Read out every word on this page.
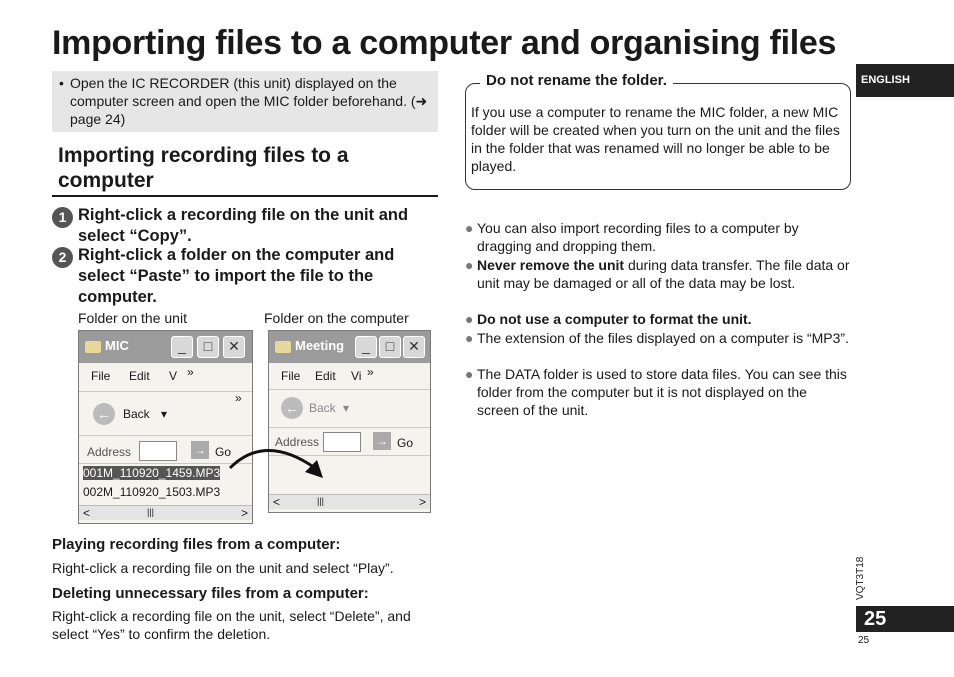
Importing files to a computer and organising files
• Open the IC RECORDER (this unit) displayed on the computer screen and open the MIC folder beforehand. (➜ page 24)
Importing recording files to a computer
1 Right-click a recording file on the unit and select “Copy”.
2 Right-click a folder on the computer and select “Paste” to import the file to the computer.
Folder on the unit	Folder on the computer
MIC	_	□	✕
File Edit V »
←	Back ▾
»
Address	→ Go
001M_110920_1459.MP3
002M_110920_1503.MP3
<	|||	>
Meeting	_	□ ✕
File Edit Vi »
← Back ▾
Address	→ Go
<	|||	>
Playing recording files from a computer:
Right-click a recording file on the unit and select “Play”.
Deleting unnecessary files from a computer:
Right-click a recording file on the unit, select “Delete”, and select “Yes” to confirm the deletion.
Do not rename the folder.
If you use a computer to rename the MIC folder, a new MIC folder will be created when you turn on the unit and the files in the folder that was renamed will no longer be able to be played.
● You can also import recording files to a computer by dragging and dropping them.
● Never remove the unit during data transfer. The file data or unit may be damaged or all of the data may be lost.
● Do not use a computer to format the unit.
● The extension of the files displayed on a computer is “MP3”.
● The DATA folder is used to store data files. You can see this folder from the computer but it is not displayed on the screen of the unit.
ENGLISH
VQT3T18
25
25
